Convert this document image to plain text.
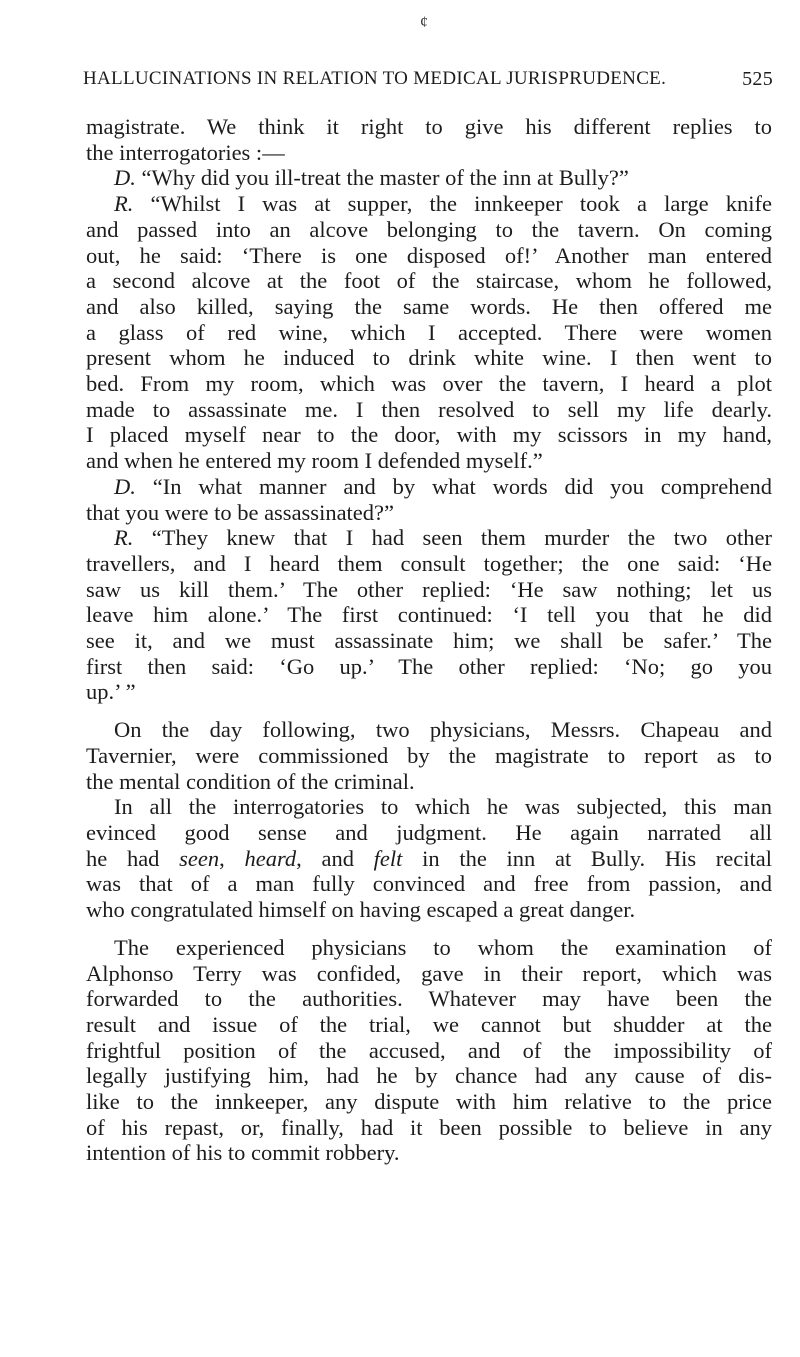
¢
HALLUCINATIONS IN RELATION TO MEDICAL JURISPRUDENCE.	525

magistrate. We think it right to give his different replies to

the interrogatories :—

D. “Why did you ill-treat the master of the inn at Bully?”

R. “Whilst I was at supper, the innkeeper took a large knife

and passed into an alcove belonging to the tavern. On coming

out, he said: ‘There is one disposed of!’ Another man entered

a second alcove at the foot of the staircase, whom he followed,

and also killed, saying the same words. He then offered me

a glass of red wine, which I accepted. There were women

present whom he induced to drink white wine. I then went to

bed. From my room, which was over the tavern, I heard a plot

made to assassinate me. I then resolved to sell my life dearly.

I placed myself near to the door, with my scissors in my hand,

and when he entered my room I defended myself.”

D. “In what manner and by what words did you comprehend

that you were to be assassinated?”

R. “They knew that I had seen them murder the two other

travellers, and I heard them consult together; the one said: ‘He

saw us kill them.’ The other replied: ‘He saw nothing; let us

leave him alone.’ The first continued: ‘I tell you that he did

see it, and we must assassinate him; we shall be safer.’ The

first then said: ‘Go up.’ The other replied: ‘No; go you

up.’ ”

On the day following, two physicians, Messrs. Chapeau and

Tavernier, were commissioned by the magistrate to report as to

the mental condition of the criminal.

In all the interrogatories to which he was subjected, this man

evinced good sense and judgment. He again narrated all

he had seen, heard, and felt in the inn at Bully. His recital

was that of a man fully convinced and free from passion, and

who congratulated himself on having escaped a great danger.

The experienced physicians to whom the examination of

Alphonso Terry was confided, gave in their report, which was

forwarded to the authorities. Whatever may have been the

result and issue of the trial, we cannot but shudder at the

frightful position of the accused, and of the impossibility of

legally justifying him, had he by chance had any cause of dis-

like to the innkeeper, any dispute with him relative to the price

of his repast, or, finally, had it been possible to believe in any

intention of his to commit robbery.
